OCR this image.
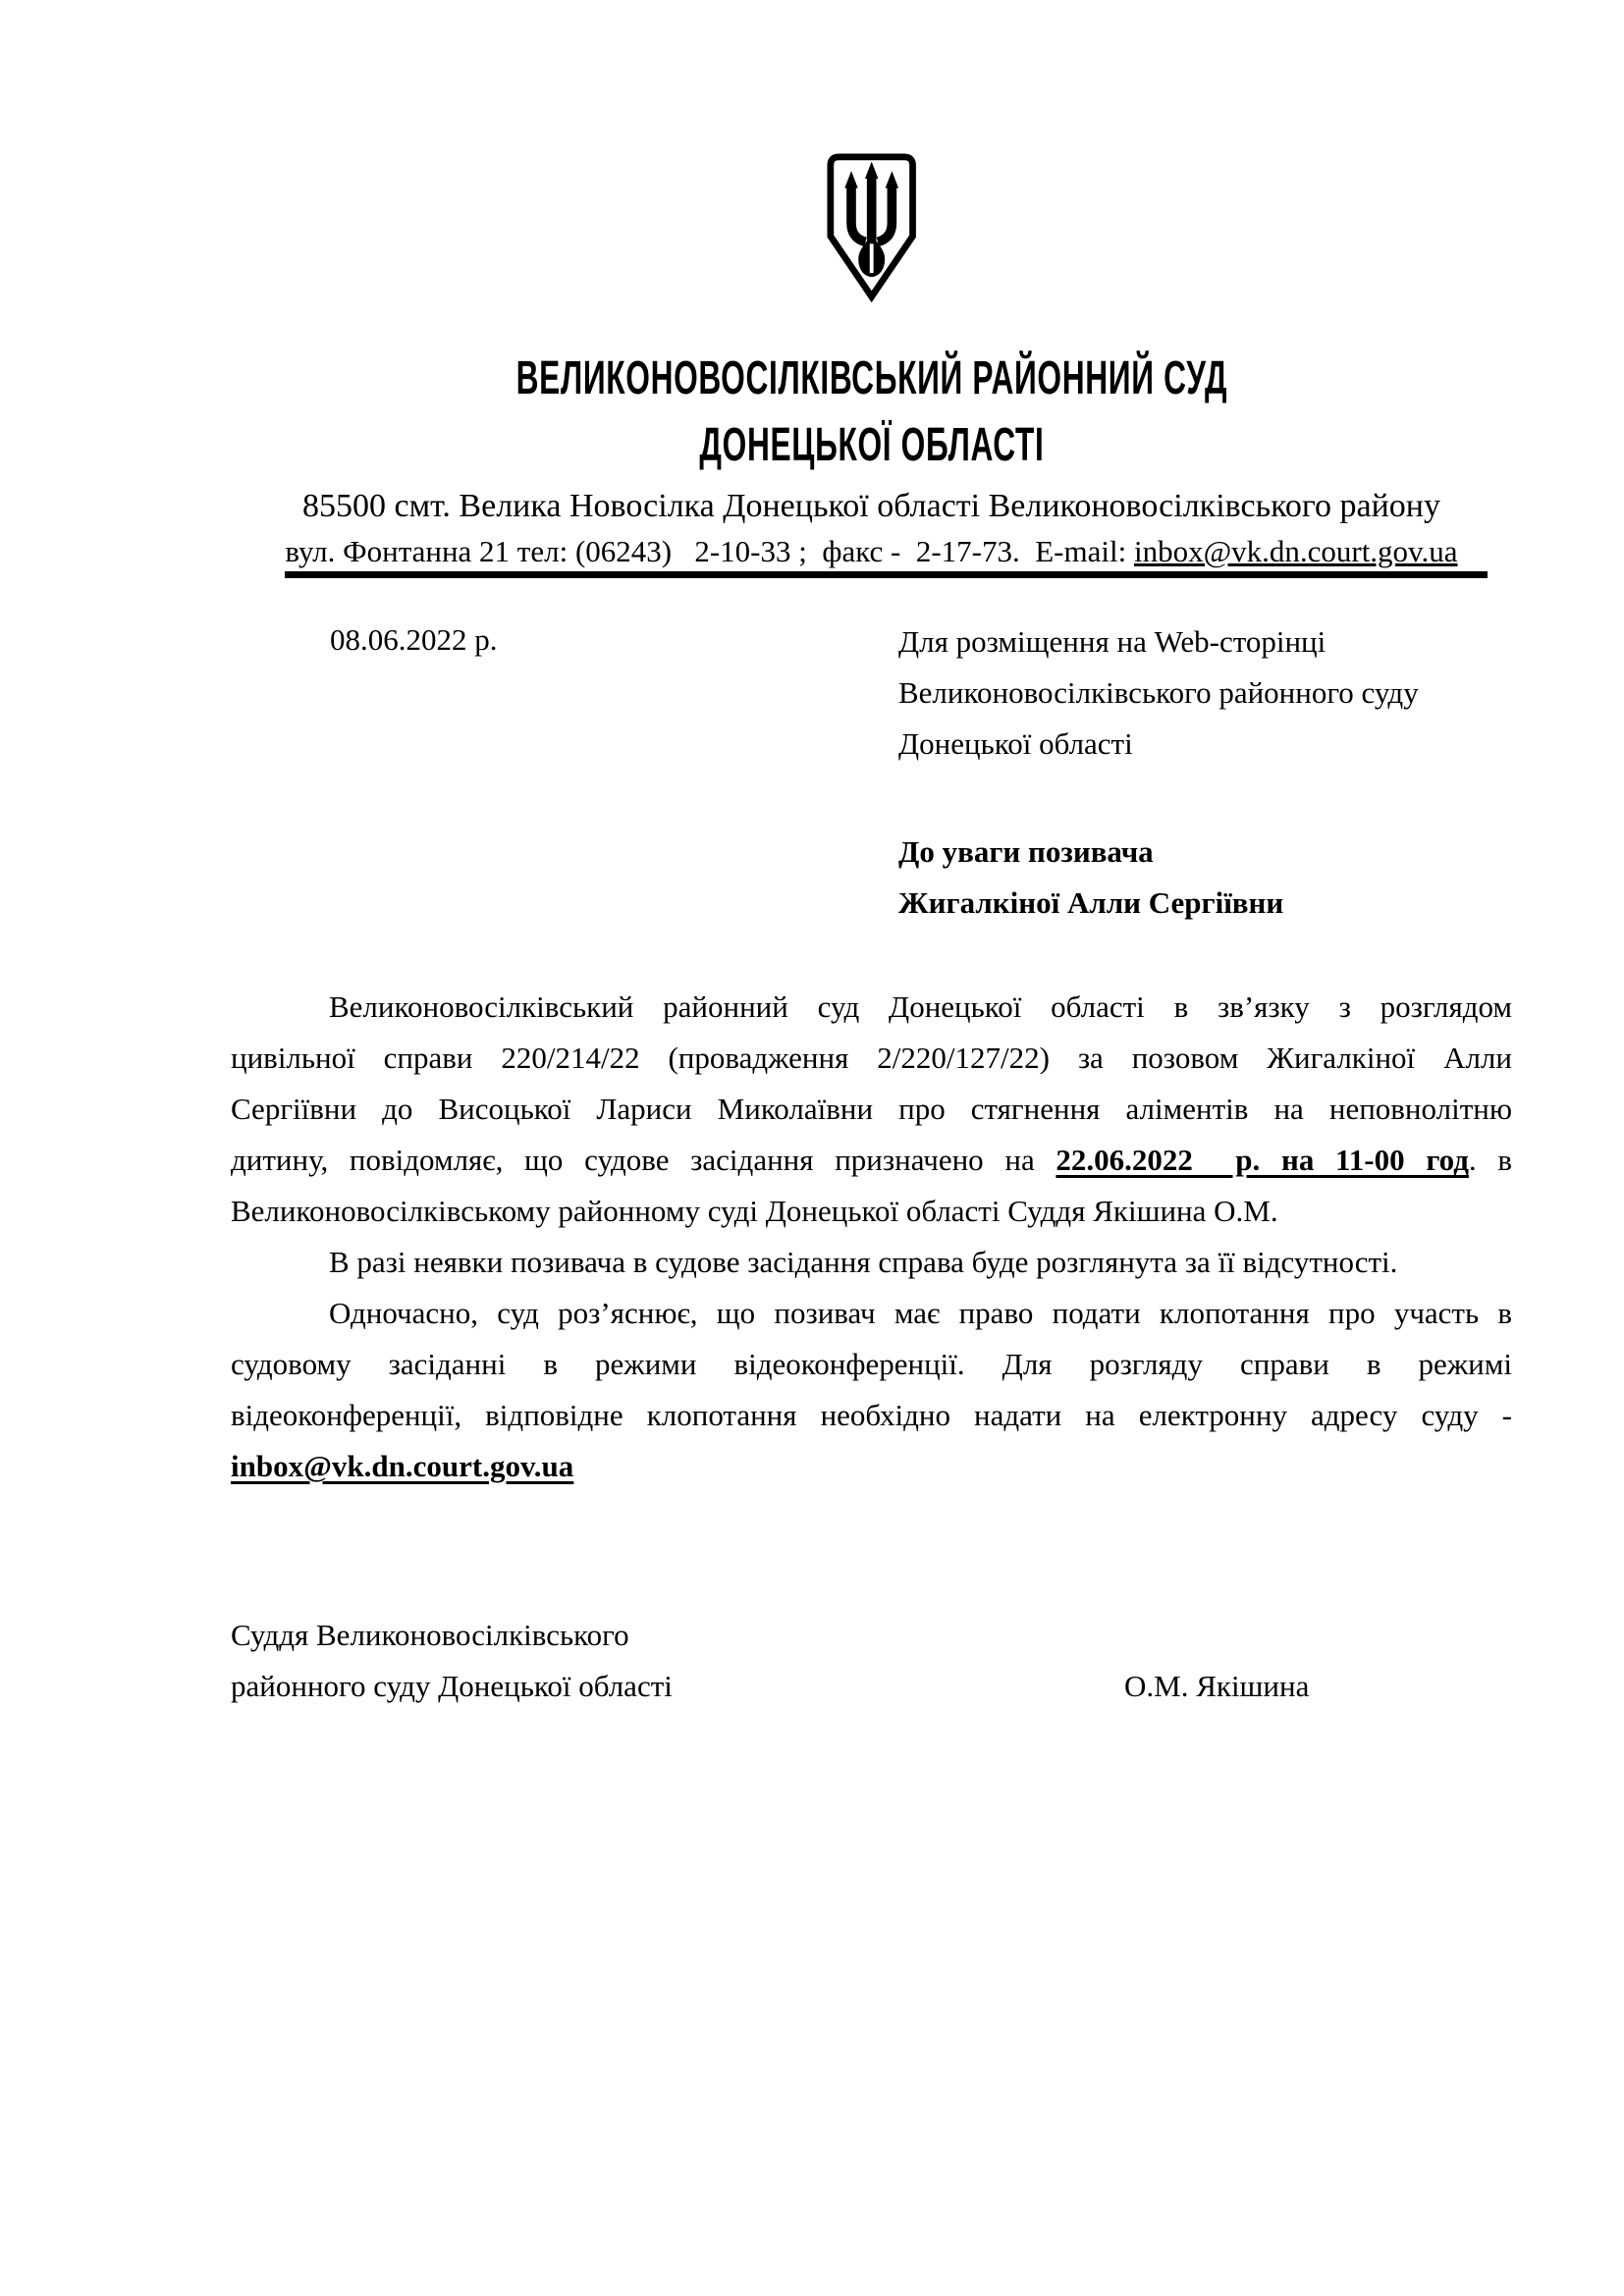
ВЕЛИКОНОВОСІЛКІВСЬКИЙ РАЙОННИЙ СУД
ДОНЕЦЬКОЇ ОБЛАСТІ
85500 смт. Велика Новосілка Донецької області Великоновосілківського району
вул. Фонтанна 21 тел: (06243)   2-10-33 ;  факс -  2-17-73.  E-mail: inbox@vk.dn.court.gov.ua
08.06.2022 р.	Для розміщення на Web-сторінці
Великоновосілківського районного суду
Донецької області
До уваги позивача
Жигалкіної Алли Сергіївни
Великоновосілківський районний суд Донецької області в зв’язку з розглядом
цивільної справи 220/214/22 (провадження 2/220/127/22) за позовом Жигалкіної Алли
Сергіївни до Висоцької Лариси Миколаївни про стягнення аліментів на неповнолітню
дитину, повідомляє, що судове засідання призначено на 22.06.2022  р. на 11-00 год. в
Великоновосілківському районному суді Донецької області Суддя Якішина О.М.
В разі неявки позивача в судове засідання справа буде розглянута за її відсутності.
Одночасно, суд роз’яснює, що позивач має право подати клопотання про участь в
судовому засіданні в режими відеоконференції. Для розгляду справи в режимі
відеоконференції, відповідне клопотання необхідно надати на електронну адресу суду -
inbox@vk.dn.court.gov.ua
Суддя Великоновосілківського
районного суду Донецької області	О.М. Якішина
